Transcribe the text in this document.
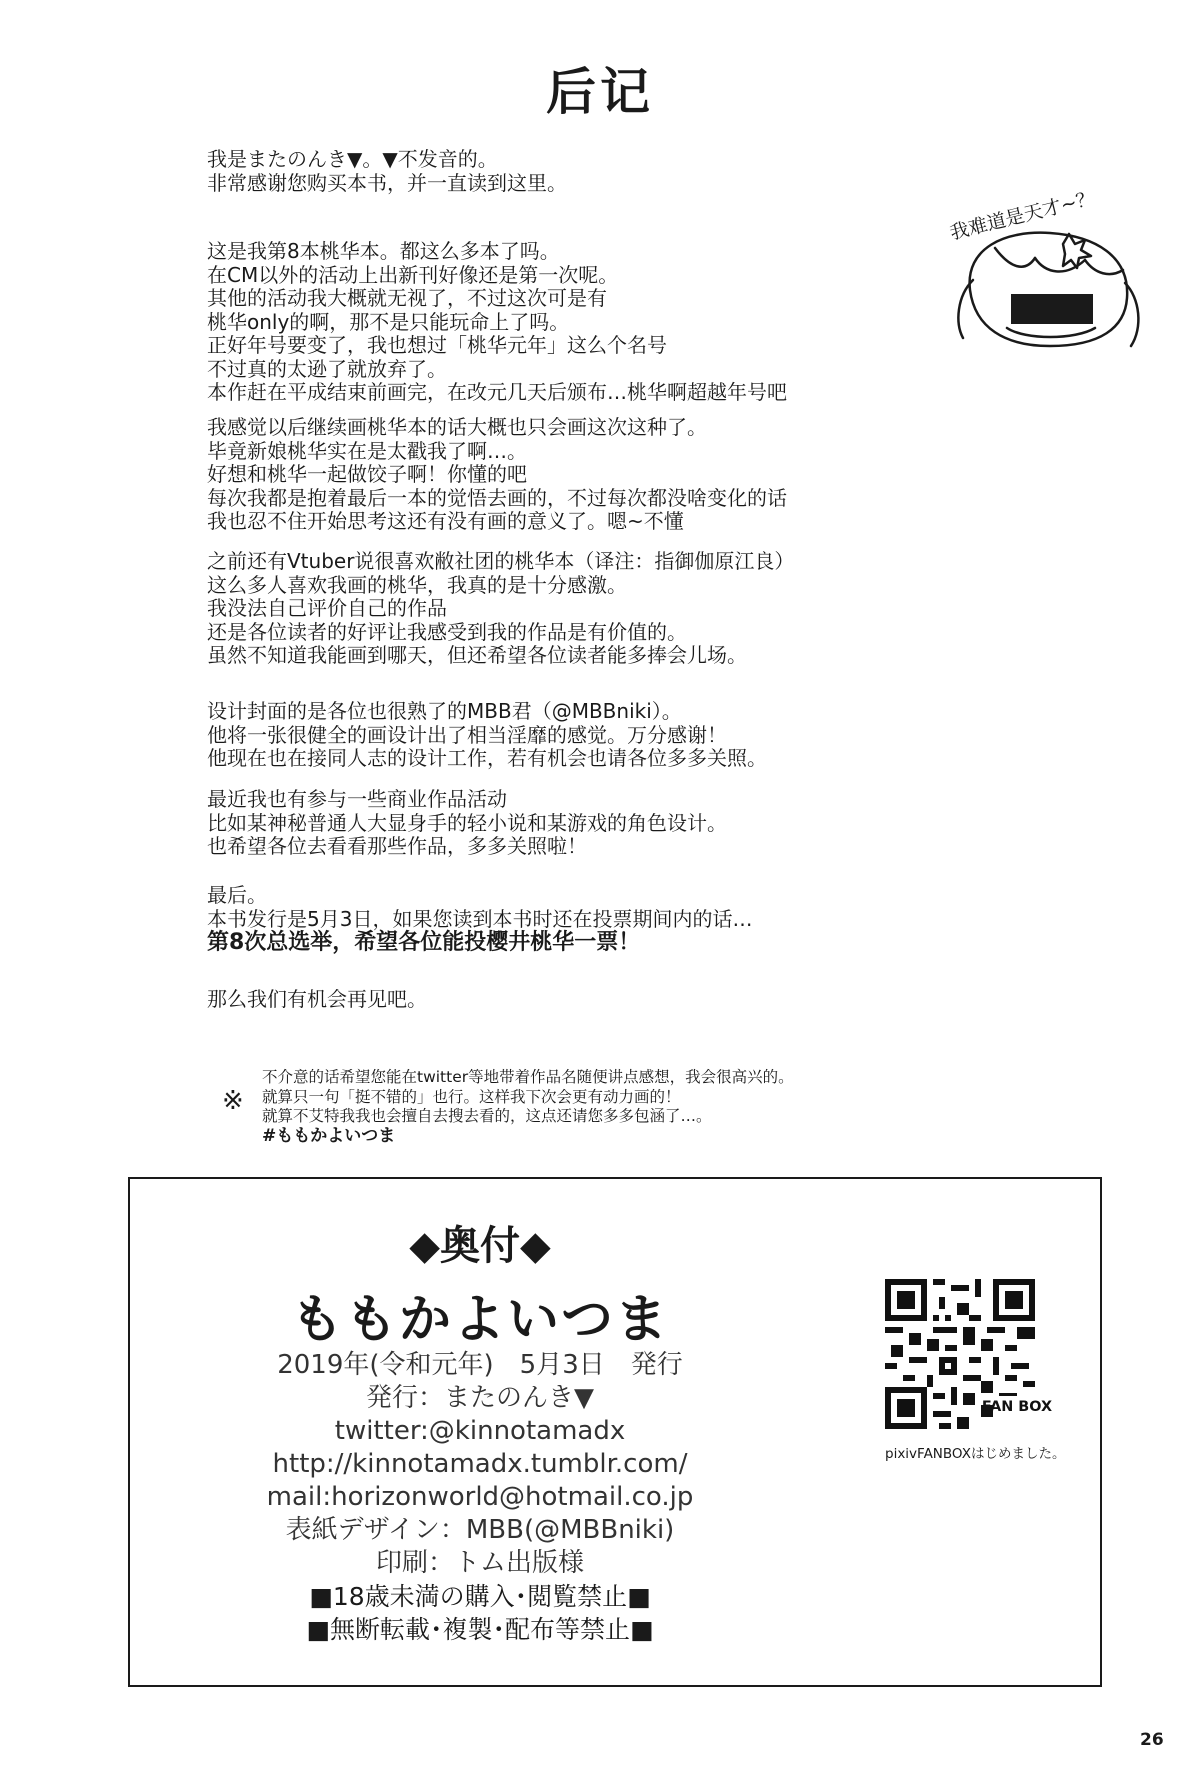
后记
我是またのんき▼。▼不发音的。
非常感谢您购买本书，并一直读到这里。
这是我第8本桃华本。都这么多本了吗。
在CM以外的活动上出新刊好像还是第一次呢。
其他的活动我大概就无视了，不过这次可是有
桃华only的啊，那不是只能玩命上了吗。
正好年号要变了，我也想过「桃华元年」这么个名号
不过真的太逊了就放弃了。
本作赶在平成结束前画完，在改元几天后颁布…桃华啊超越年号吧
我感觉以后继续画桃华本的话大概也只会画这次这种了。
毕竟新娘桃华实在是太戳我了啊…。
好想和桃华一起做饺子啊！你懂的吧
每次我都是抱着最后一本的觉悟去画的，不过每次都没啥变化的话
我也忍不住开始思考这还有没有画的意义了。嗯~不懂
之前还有Vtuber说很喜欢敝社团的桃华本（译注：指御伽原江良）
这么多人喜欢我画的桃华，我真的是十分感激。
我没法自己评价自己的作品
还是各位读者的好评让我感受到我的作品是有价值的。
虽然不知道我能画到哪天，但还希望各位读者能多捧会儿场。
设计封面的是各位也很熟了的MBB君（@MBBniki）。
他将一张很健全的画设计出了相当淫靡的感觉。万分感谢！
他现在也在接同人志的设计工作，若有机会也请各位多多关照。
最近我也有参与一些商业作品活动
比如某神秘普通人大显身手的轻小说和某游戏的角色设计。
也希望各位去看看那些作品，多多关照啦！
最后。
本书发行是5月3日，如果您读到本书时还在投票期间内的话…
第8次总选举，希望各位能投樱井桃华一票！
那么我们有机会再见吧。
※
不介意的话希望您能在twitter等地带着作品名随便讲点感想，我会很高兴的。
就算只一句「挺不错的」也行。这样我下次会更有动力画的！
就算不艾特我我也会擅自去搜去看的，这点还请您多多包涵了…。
#ももかよいつま
我难道是天才~？
◆奥付◆
ももかよいつま
2019年(令和元年)　5月3日　発行
発行：またのんき▼
twitter:@kinnotamadx
http://kinnotamadx.tumblr.com/
mail:horizonworld@hotmail.co.jp
表紙デザイン：MBB(@MBBniki)
印刷：トム出版様
■18歳未満の購入･閲覧禁止■
■無断転載･複製･配布等禁止■
FAN BOX
pixivFANBOXはじめました。
26
